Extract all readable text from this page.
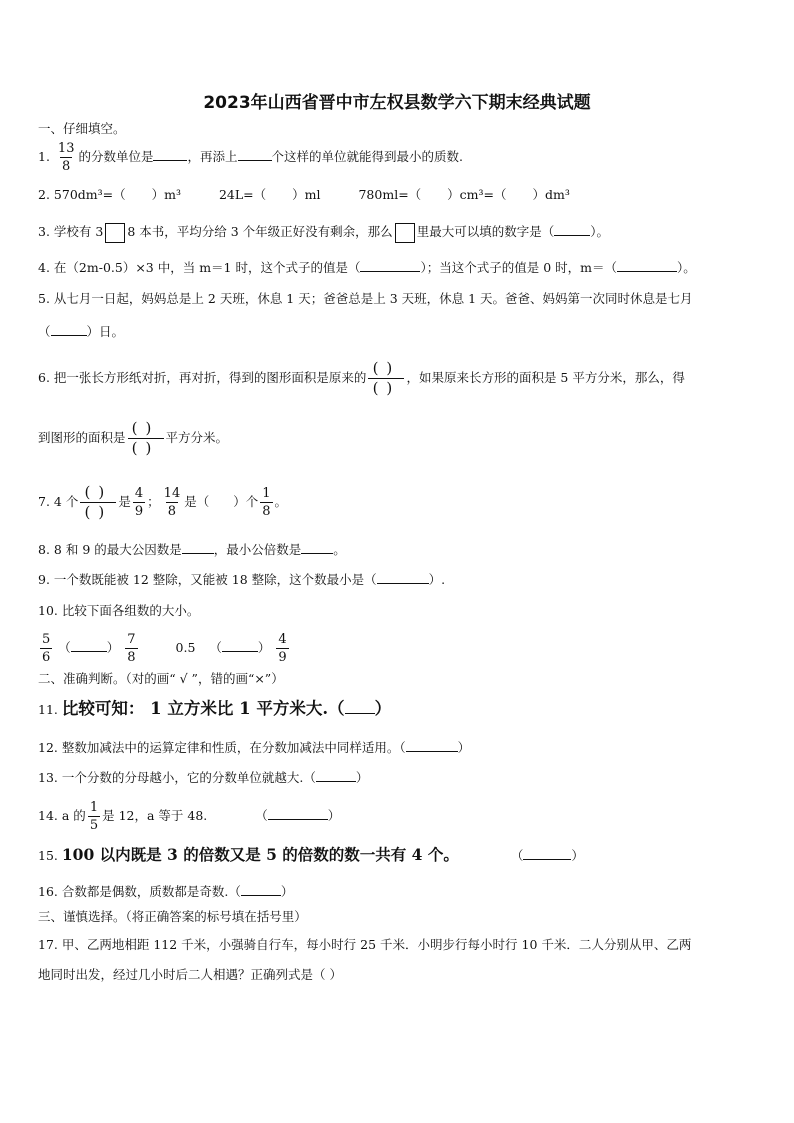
2023年山西省晋中市左权县数学六下期末经典试题
一、仔细填空。
1. $\frac{13}{8}$ 的分数单位是	，再添上	个这样的单位就能得到最小的质数.
2. 570dm³=（ ）m³	24L=（ ）ml	780ml=（ ）cm³=（ ）dm³
3. 学校有 3 8 本书，平均分给 3 个年级正好没有剩余，那么 里最大可以填的数字是（	）。
4. 在（2m-0.5）×3 中，当 m＝1 时，这个式子的值是（	）；当这个式子的值是 0 时，m＝（	）。
5. 从七月一日起，妈妈总是上 2 天班，休息 1 天；爸爸总是上 3 天班，休息 1 天。爸爸、妈妈第一次同时休息是七月
（	）日。
6. 把一张长方形纸对折，再对折，得到的图形面积是原来的 $\frac{()}{()}$ ，如果原来长方形的面积是 5 平方分米，那么，得
到图形的面积是 $\frac{()}{()}$ 平方分米。
7. 4 个 $\frac{()}{()}$ 是 $\frac{4}{9}$ ； $\frac{14}{8}$ 是（ ）个 $\frac{1}{8}$ 。
8. 8 和 9 的最大公因数是	，最小公倍数是	。
9. 一个数既能被 12 整除，又能被 18 整除，这个数最小是（	）.
10. 比较下面各组数的大小。
$\frac{5}{6}$ （	） $\frac{7}{8}$	0.5 （	） $\frac{4}{9}$
二、准确判断。（对的画“ √ ”，错的画“×”）
11. 比较可知： 1 立方米比 1 平方米大.（ ）
12. 整数加减法中的运算定律和性质，在分数加减法中同样适用。（	）
13. 一个分数的分母越小，它的分数单位就越大.（	）
14. a 的 $\frac{1}{5}$ 是 12，a 等于 48.	（	）
15. 100 以内既是 3 的倍数又是 5 的倍数的数一共有 4 个。	（	）
16. 合数都是偶数，质数都是奇数.（	）
三、谨慎选择。（将正确答案的标号填在括号里）
17. 甲、乙两地相距 112 千米，小强骑自行车，每小时行 25 千米．小明步行每小时行 10 千米．二人分别从甲、乙两
地同时出发，经过几小时后二人相遇？正确列式是（ ）
